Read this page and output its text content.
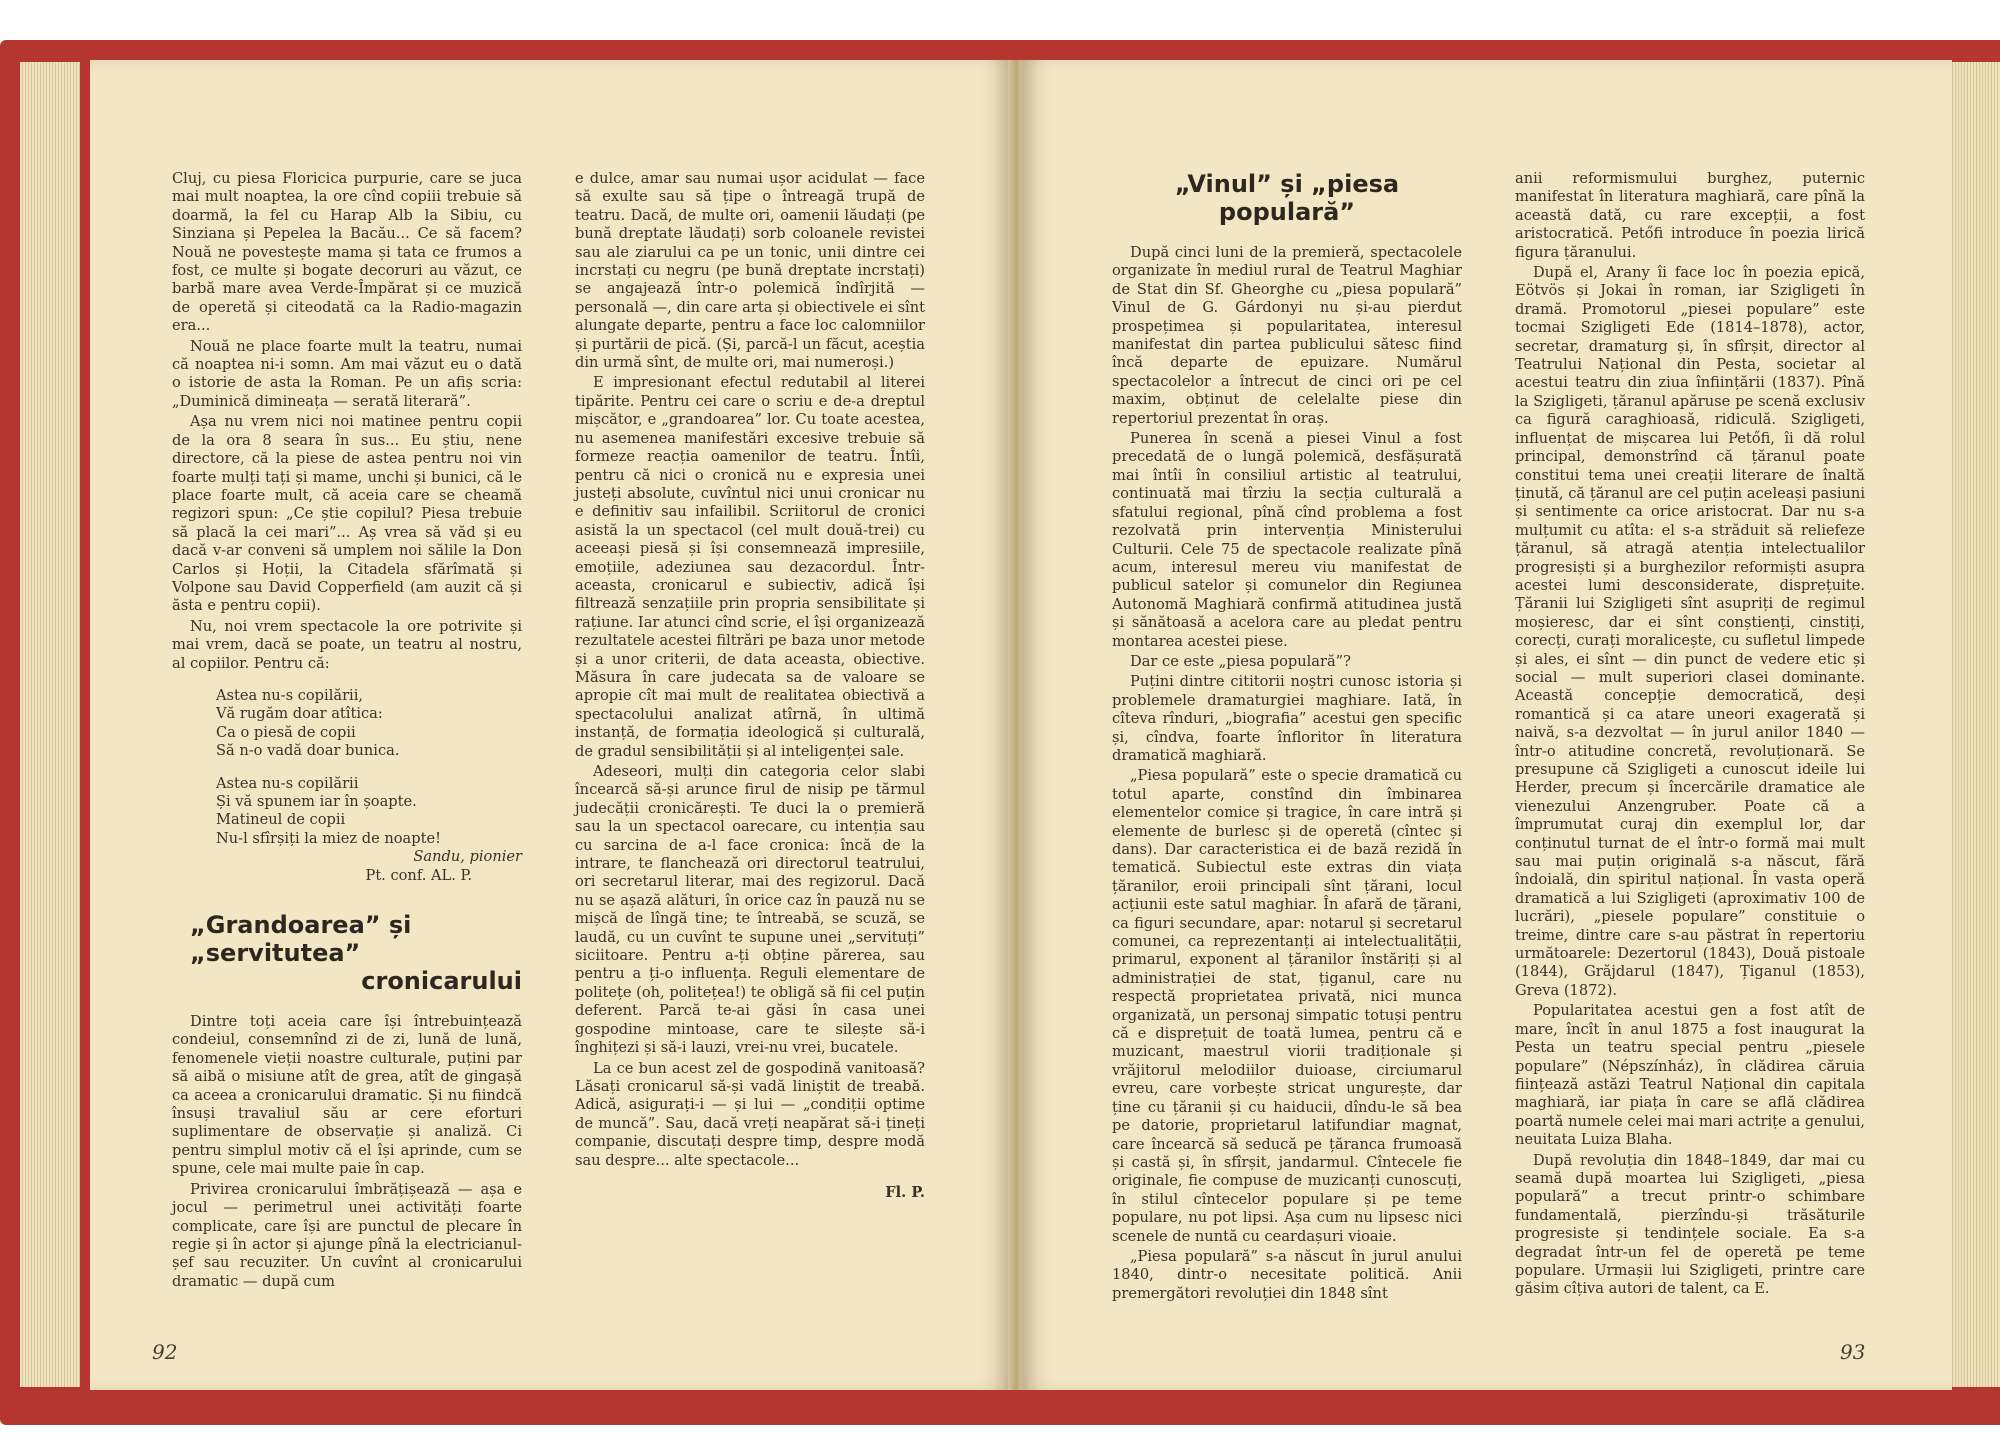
Cluj, cu piesa Floricica purpurie, care se juca mai mult noaptea, la ore cînd copiii trebuie să doarmă, la fel cu Harap Alb la Sibiu, cu Sinziana și Pepelea la Bacău... Ce să facem? Nouă ne povestește mama și tata ce frumos a fost, ce multe și bogate decoruri au văzut, ce barbă mare avea Verde-Împărat și ce muzică de operetă și citeodată ca la Radio-magazin era...

Nouă ne place foarte mult la teatru, numai că noaptea ni-i somn. Am mai văzut eu o dată o istorie de asta la Roman. Pe un afiș scria: „Duminică dimineața — serată literară”.

Așa nu vrem nici noi matinee pentru copii de la ora 8 seara în sus... Eu știu, nene directore, că la piese de astea pentru noi vin foarte mulți tați și mame, unchi și bunici, că le place foarte mult, că aceia care se cheamă regizori spun: „Ce știe copilul? Piesa trebuie să placă la cei mari”... Aș vrea să văd și eu dacă v-ar conveni să umplem noi sălile la Don Carlos și Hoții, la Citadela sfărîmată și Volpone sau David Copperfield (am auzit că și ăsta e pentru copii).

Nu, noi vrem spectacole la ore potrivite și mai vrem, dacă se poate, un teatru al nostru, al copiilor. Pentru că:

Astea nu-s copilării,
Vă rugăm doar atîtica:
Ca o piesă de copii
Să n-o vadă doar bunica.
Astea nu-s copilării
Și vă spunem iar în șoapte.
Matineul de copii
Nu-l sfîrșiți la miez de noapte!
Sandu, pionier
Pt. conf. AL. P.
„Grandoarea” și „servitutea”
cronicarului

Dintre toți aceia care își întrebuințează condeiul, consemnînd zi de zi, lună de lună, fenomenele vieții noastre culturale, puțini par să aibă o misiune atît de grea, atît de gingașă ca aceea a cronicarului dramatic. Și nu fiindcă însuși travaliul său ar cere eforturi suplimentare de observație și analiză. Ci pentru simplul motiv că el își aprinde, cum se spune, cele mai multe paie în cap.

Privirea cronicarului îmbrățișează — așa e jocul — perimetrul unei activități foarte complicate, care își are punctul de plecare în regie și în actor și ajunge pînă la electricianul-șef sau recuziter. Un cuvînt al cronicarului dramatic — după cum

e dulce, amar sau numai ușor acidulat — face să exulte sau să țipe o întreagă trupă de teatru. Dacă, de multe ori, oamenii lăudați (pe bună dreptate lăudați) sorb coloanele revistei sau ale ziarului ca pe un tonic, unii dintre cei incrstați cu negru (pe bună dreptate incrstați) se angajează într-o polemică îndîrjită — personală —, din care arta și obiectivele ei sînt alungate departe, pentru a face loc calomniilor și purtării de pică. (Și, parcă-l un făcut, aceștia din urmă sînt, de multe ori, mai numeroși.)

E impresionant efectul redutabil al literei tipărite. Pentru cei care o scriu e de-a dreptul mișcător, e „grandoarea” lor. Cu toate acestea, nu asemenea manifestări excesive trebuie să formeze reacția oamenilor de teatru. Întîi, pentru că nici o cronică nu e expresia unei justeți absolute, cuvîntul nici unui cronicar nu e definitiv sau infailibil. Scriitorul de cronici asistă la un spectacol (cel mult două-trei) cu aceeași piesă și își consemnează impresiile, emoțiile, adeziunea sau dezacordul. Într-aceasta, cronicarul e subiectiv, adică își filtrează senzațiile prin propria sensibilitate și rațiune. Iar atunci cînd scrie, el își organizează rezultatele acestei filtrări pe baza unor metode și a unor criterii, de data aceasta, obiective. Măsura în care judecata sa de valoare se apropie cît mai mult de realitatea obiectivă a spectacolului analizat atîrnă, în ultimă instanță, de formația ideologică și culturală, de gradul sensibilității și al inteligenței sale.

Adeseori, mulți din categoria celor slabi încearcă să-și arunce firul de nisip pe tărmul judecății cronicărești. Te duci la o premieră sau la un spectacol oarecare, cu intenția sau cu sarcina de a-l face cronica: încă de la intrare, te flanchează ori directorul teatrului, ori secretarul literar, mai des regizorul. Dacă nu se așază alături, în orice caz în pauză nu se mișcă de lîngă tine; te întreabă, se scuză, se laudă, cu un cuvînt te supune unei „servituți” siciitoare. Pentru a-ți obține părerea, sau pentru a ți-o influența. Reguli elementare de politețe (oh, politețea!) te obligă să fii cel puțin deferent. Parcă te-ai găsi în casa unei gospodine mintoase, care te silește să-i înghițezi și să-i lauzi, vrei-nu vrei, bucatele.

La ce bun acest zel de gospodină vanitoasă? Lăsați cronicarul să-și vadă liniștit de treabă. Adică, asigurați-i — și lui — „condiții optime de muncă”. Sau, dacă vreți neapărat să-i țineți companie, discutați despre timp, despre modă sau despre... alte spectacole...

Fl. P.
92
„Vinul” și „piesa populară”

După cinci luni de la premieră, spectacolele organizate în mediul rural de Teatrul Maghiar de Stat din Sf. Gheorghe cu „piesa populară” Vinul de G. Gárdonyi nu și-au pierdut prospețimea și popularitatea, interesul manifestat din partea publicului sătesc fiind încă departe de epuizare. Numărul spectacolelor a întrecut de cinci ori pe cel maxim, obținut de celelalte piese din repertoriul prezentat în oraș.

Punerea în scenă a piesei Vinul a fost precedată de o lungă polemică, desfășurată mai întîi în consiliul artistic al teatrului, continuată mai tîrziu la secția culturală a sfatului regional, pînă cînd problema a fost rezolvată prin intervenția Ministerului Culturii. Cele 75 de spectacole realizate pînă acum, interesul mereu viu manifestat de publicul satelor și comunelor din Regiunea Autonomă Maghiară confirmă atitudinea justă și sănătoasă a acelora care au pledat pentru montarea acestei piese.

Dar ce este „piesa populară”?

Puțini dintre cititorii noștri cunosc istoria și problemele dramaturgiei maghiare. Iată, în cîteva rînduri, „biografia” acestui gen specific și, cîndva, foarte înfloritor în literatura dramatică maghiară.

„Piesa populară” este o specie dramatică cu totul aparte, constînd din îmbinarea elementelor comice și tragice, în care intră și elemente de burlesc și de operetă (cîntec și dans). Dar caracteristica ei de bază rezidă în tematică. Subiectul este extras din viața țăranilor, eroii principali sînt țărani, locul acțiunii este satul maghiar. În afară de țărani, ca figuri secundare, apar: notarul și secretarul comunei, ca reprezentanți ai intelectualității, primarul, exponent al țăranilor înstăriți și al administrației de stat, țiganul, care nu respectă proprietatea privată, nici munca organizată, un personaj simpatic totuși pentru că e disprețuit de toată lumea, pentru că e muzicant, maestrul viorii tradiționale și vrăjitorul melodiilor duioase, circiumarul evreu, care vorbește stricat ungurește, dar ține cu țăranii și cu haiducii, dîndu-le să bea pe datorie, proprietarul latifundiar magnat, care încearcă să seducă pe țăranca frumoasă și castă și, în sfîrșit, jandarmul. Cîntecele fie originale, fie compuse de muzicanți cunoscuți, în stilul cîntecelor populare și pe teme populare, nu pot lipsi. Așa cum nu lipsesc nici scenele de nuntă cu ceardașuri vioaie.

„Piesa populară” s-a născut în jurul anului 1840, dintr-o necesitate politică. Anii premergători revoluției din 1848 sînt

anii reformismului burghez, puternic manifestat în literatura maghiară, care pînă la această dată, cu rare excepții, a fost aristocratică. Petőfi introduce în poezia lirică figura țăranului.

După el, Arany îi face loc în poezia epică, Eötvös și Jokai în roman, iar Szigligeti în dramă. Promotorul „piesei populare” este tocmai Szigligeti Ede (1814–1878), actor, secretar, dramaturg și, în sfîrșit, director al Teatrului Național din Pesta, societar al acestui teatru din ziua înființării (1837). Pînă la Szigligeti, țăranul apăruse pe scenă exclusiv ca figură caraghioasă, ridiculă. Szigligeti, influențat de mișcarea lui Petőfi, îi dă rolul principal, demonstrînd că țăranul poate constitui tema unei creații literare de înaltă ținută, că țăranul are cel puțin aceleași pasiuni și sentimente ca orice aristocrat. Dar nu s-a mulțumit cu atîta: el s-a străduit să reliefeze țăranul, să atragă atenția intelectualilor progresiști și a burghezilor reformiști asupra acestei lumi desconsiderate, disprețuite. Țăranii lui Szigligeti sînt asupriți de regimul moșieresc, dar ei sînt conștienți, cinstiți, corecți, curați moralicește, cu sufletul limpede și ales, ei sînt — din punct de vedere etic și social — mult superiori clasei dominante. Această concepție democratică, deși romantică și ca atare uneori exagerată și naivă, s-a dezvoltat — în jurul anilor 1840 — într-o atitudine concretă, revoluționară. Se presupune că Szigligeti a cunoscut ideile lui Herder, precum și încercările dramatice ale vienezului Anzengruber. Poate că a împrumutat curaj din exemplul lor, dar conținutul turnat de el într-o formă mai mult sau mai puțin originală s-a născut, fără îndoială, din spiritul național. În vasta operă dramatică a lui Szigligeti (aproximativ 100 de lucrări), „piesele populare” constituie o treime, dintre care s-au păstrat în repertoriu următoarele: Dezertorul (1843), Două pistoale (1844), Grăjdarul (1847), Țiganul (1853), Greva (1872).

Popularitatea acestui gen a fost atît de mare, încît în anul 1875 a fost inaugurat la Pesta un teatru special pentru „piesele populare” (Népszínház), în clădirea căruia ființează astăzi Teatrul Național din capitala maghiară, iar piața în care se află clădirea poartă numele celei mai mari actrițe a genului, neuitata Luiza Blaha.

După revoluția din 1848–1849, dar mai cu seamă după moartea lui Szigligeti, „piesa populară” a trecut printr-o schimbare fundamentală, pierzîndu-și trăsăturile progresiste și tendințele sociale. Ea s-a degradat într-un fel de operetă pe teme populare. Urmașii lui Szigligeti, printre care găsim cîțiva autori de talent, ca E.

93
